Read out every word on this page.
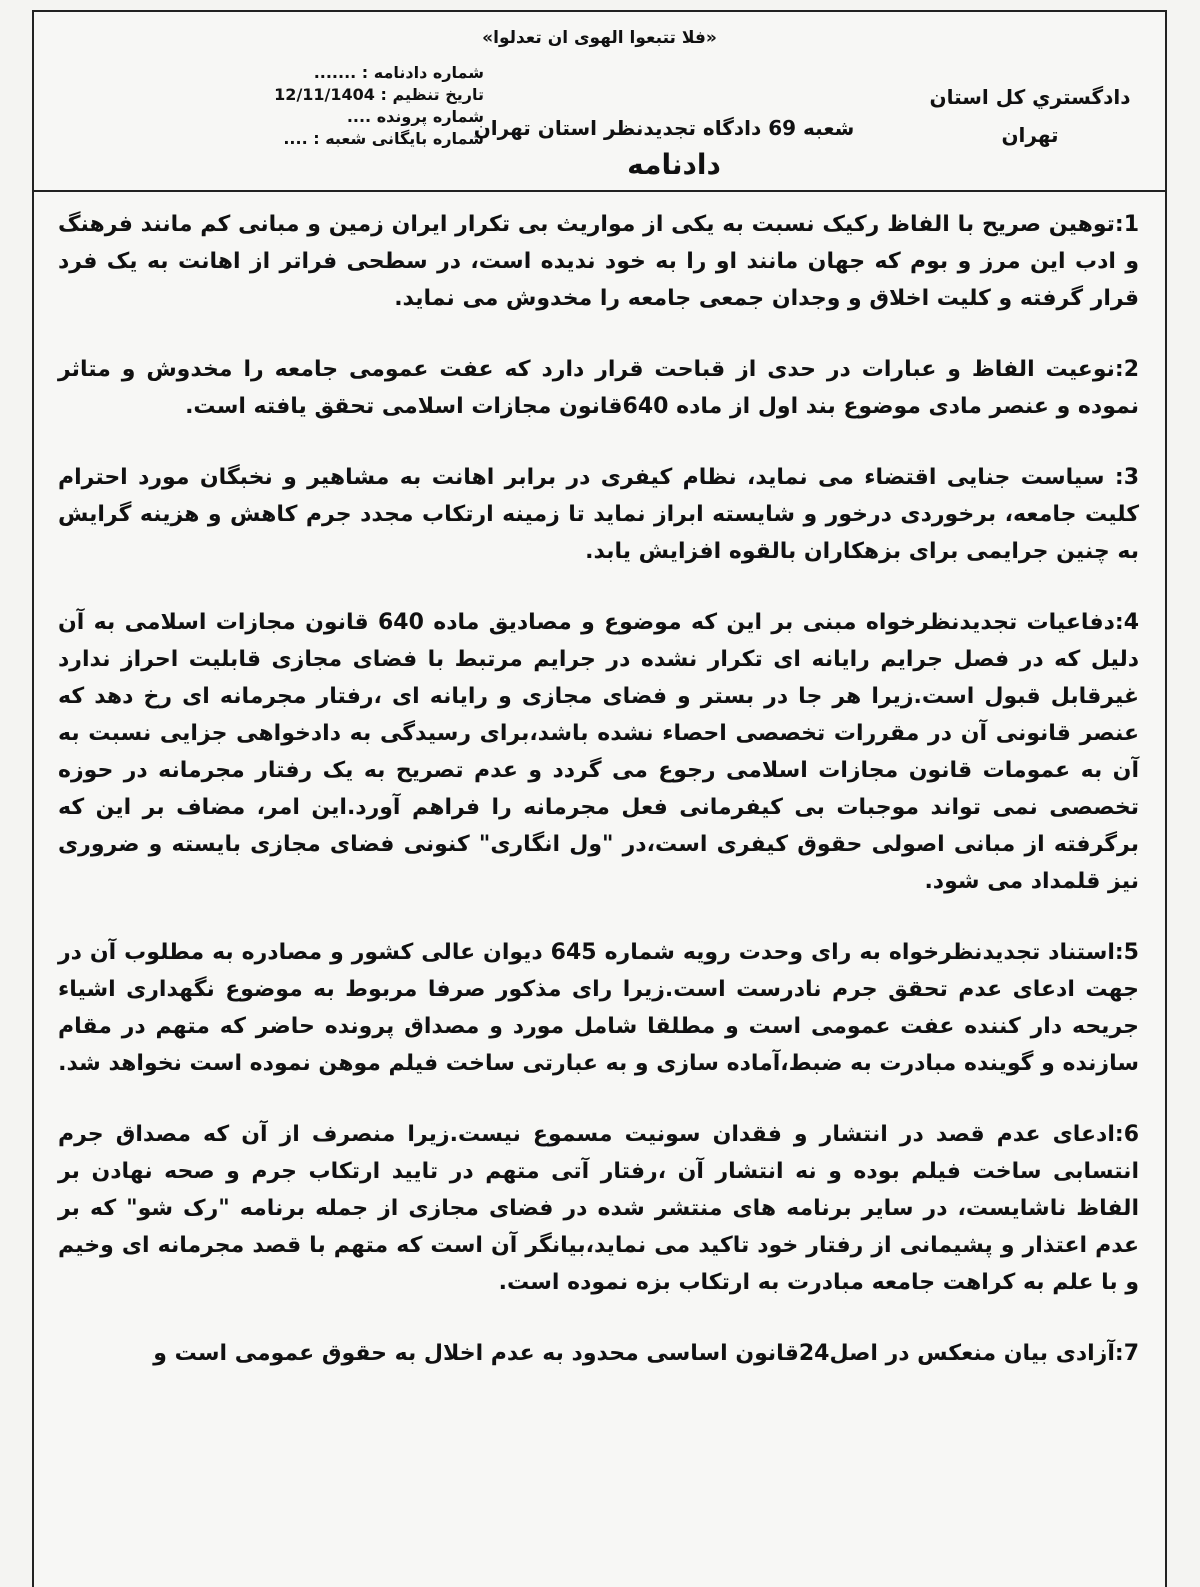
«فلا تتبعوا الهوی ان تعدلوا»
دادگستري كل استان
تهران
شعبه 69 دادگاه تجدیدنظر استان تهران
دادنامه
شماره دادنامه : .......
تاریخ تنظیم : 12/11/1404
شماره پرونده ....
شماره بایگانی شعبه : ....

1:توهین صریح با الفاظ رکیک نسبت به یکی از مواریث بی تکرار ایران زمین و مبانی کم مانند فرهنگ و ادب این مرز و بوم که جهان مانند او را به خود ندیده است، در سطحی فراتر از اهانت به یک فرد قرار گرفته و کلیت اخلاق و وجدان جمعی جامعه را مخدوش می نماید.

2:نوعیت الفاظ و عبارات در حدی از قباحت قرار دارد که عفت عمومی جامعه را مخدوش و متاثر نموده و عنصر مادی موضوع بند اول از ماده 640قانون مجازات اسلامی تحقق یافته است.

3: سیاست جنایی اقتضاء می نماید، نظام کیفری در برابر اهانت به مشاهیر و نخبگان مورد احترام کلیت جامعه، برخوردی درخور و شایسته ابراز نماید تا زمینه ارتکاب مجدد جرم کاهش و هزینه گرایش به چنین جرایمی برای بزهکاران بالقوه افزایش یابد.

4:دفاعیات تجدیدنظرخواه مبنی بر این که موضوع و مصادیق ماده 640 قانون مجازات اسلامی به آن دلیل که در فصل جرایم رایانه ای تکرار نشده در جرایم مرتبط با فضای مجازی قابلیت احراز ندارد غیرقابل قبول است.زیرا هر جا در بستر و فضای مجازی و رایانه ای ،رفتار مجرمانه ای رخ دهد که عنصر قانونی آن در مقررات تخصصی احصاء نشده باشد،برای رسیدگی به دادخواهی جزایی نسبت به آن به عمومات قانون مجازات اسلامی رجوع می گردد و عدم تصریح به یک رفتار مجرمانه در حوزه تخصصی نمی تواند موجبات بی کیفرمانی فعل مجرمانه را فراهم آورد.این امر، مضاف بر این که برگرفته از مبانی اصولی حقوق کیفری است،در "ول انگاری" کنونی فضای مجازی بایسته و ضروری نیز قلمداد می شود.

5:استناد تجدیدنظرخواه به رای وحدت رویه شماره 645 دیوان عالی کشور و مصادره به مطلوب آن در جهت ادعای عدم تحقق جرم نادرست است.زیرا رای مذکور صرفا مربوط به موضوع نگهداری اشیاء جریحه دار کننده عفت عمومی است و مطلقا شامل مورد و مصداق پرونده حاضر که متهم در مقام سازنده و گوینده مبادرت به ضبط،آماده سازی و به عبارتی ساخت فیلم موهن نموده است نخواهد شد.

6:ادعای عدم قصد در انتشار و فقدان سونیت مسموع نیست.زیرا منصرف از آن که مصداق جرم انتسابی ساخت فیلم بوده و نه انتشار آن ،رفتار آتی متهم در تایید ارتکاب جرم و صحه نهادن بر الفاظ ناشایست، در سایر برنامه های منتشر شده در فضای مجازی از جمله برنامه "رک شو" که بر عدم اعتذار و پشیمانی از رفتار خود تاکید می نماید،بیانگر آن است که متهم با قصد مجرمانه ای وخیم و با علم به کراهت جامعه مبادرت به ارتکاب بزه نموده است.

7:آزادی بیان منعکس در اصل24قانون اساسی محدود به عدم اخلال به حقوق عمومی است و
